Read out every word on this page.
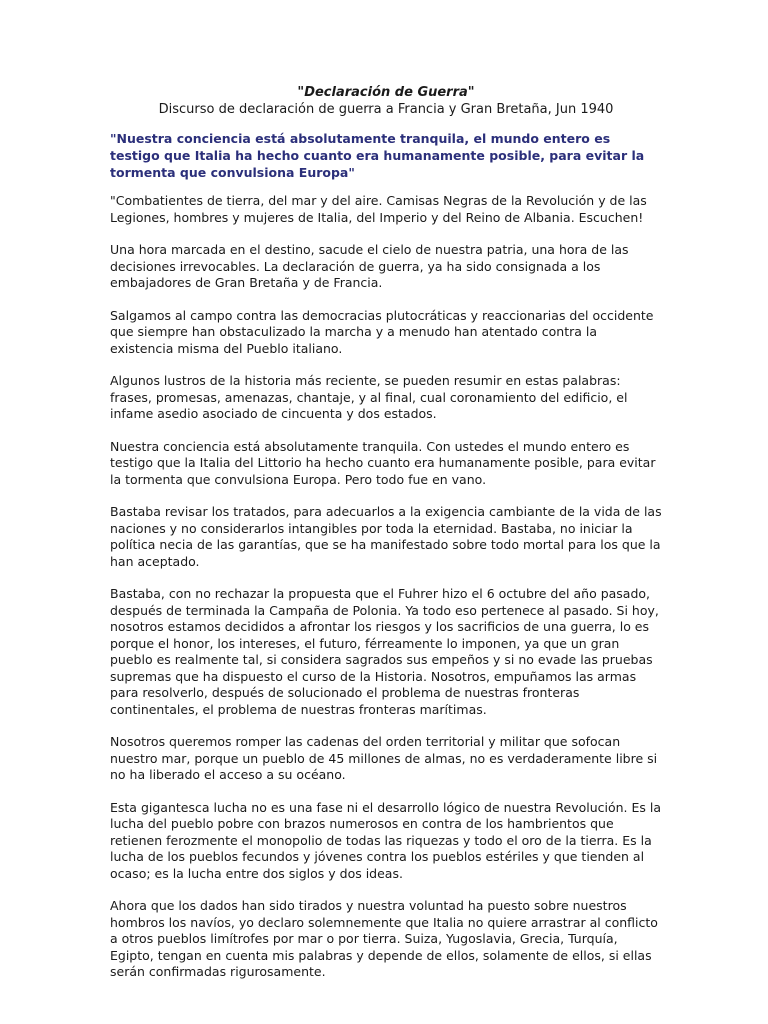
"Declaración de Guerra"

Discurso de declaración de guerra a Francia y Gran Bretaña, Jun 1940

"Nuestra conciencia está absolutamente tranquila, el mundo entero es testigo que Italia ha hecho cuanto era humanamente posible, para evitar la tormenta que convulsiona Europa"

"Combatientes de tierra, del mar y del aire. Camisas Negras de la Revolución y de las Legiones, hombres y mujeres de Italia, del Imperio y del Reino de Albania. Escuchen!

Una hora marcada en el destino, sacude el cielo de nuestra patria, una hora de las decisiones irrevocables. La declaración de guerra, ya ha sido consignada a los embajadores de Gran Bretaña y de Francia.

Salgamos al campo contra las democracias plutocráticas y reaccionarias del occidente que siempre han obstaculizado la marcha y a menudo han atentado contra la existencia misma del Pueblo italiano.

Algunos lustros de la historia más reciente, se pueden resumir en estas palabras: frases, promesas, amenazas, chantaje, y al final, cual coronamiento del edificio, el infame asedio asociado de cincuenta y dos estados.

Nuestra conciencia está absolutamente tranquila. Con ustedes el mundo entero es testigo que la Italia del Littorio ha hecho cuanto era humanamente posible, para evitar la tormenta que convulsiona Europa. Pero todo fue en vano.

Bastaba revisar los tratados, para adecuarlos a la exigencia cambiante de la vida de las naciones y no considerarlos intangibles por toda la eternidad. Bastaba, no iniciar la política necia de las garantías, que se ha manifestado sobre todo mortal para los que la han aceptado.

Bastaba, con no rechazar la propuesta que el Fuhrer hizo el 6 octubre del año pasado, después de terminada la Campaña de Polonia. Ya todo eso pertenece al pasado. Si hoy, nosotros estamos decididos a afrontar los riesgos y los sacrificios de una guerra, lo es porque el honor, los intereses, el futuro, férreamente lo imponen, ya que un gran pueblo es realmente tal, si considera sagrados sus empeños y si no evade las pruebas supremas que ha dispuesto el curso de la Historia. Nosotros, empuñamos las armas para resolverlo, después de solucionado el problema de nuestras fronteras continentales, el problema de nuestras fronteras marítimas.

Nosotros queremos romper las cadenas del orden territorial y militar que sofocan nuestro mar, porque un pueblo de 45 millones de almas, no es verdaderamente libre si no ha liberado el acceso a su océano.

Esta gigantesca lucha no es una fase ni el desarrollo lógico de nuestra Revolución. Es la lucha del pueblo pobre con brazos numerosos en contra de los hambrientos que retienen ferozmente el monopolio de todas las riquezas y todo el oro de la tierra. Es la lucha de los pueblos fecundos y jóvenes contra los pueblos estériles y que tienden al ocaso; es la lucha entre dos siglos y dos ideas.

Ahora que los dados han sido tirados y nuestra voluntad ha puesto sobre nuestros hombros los navíos, yo declaro solemnemente que Italia no quiere arrastrar al conflicto a otros pueblos limítrofes por mar o por tierra. Suiza, Yugoslavia, Grecia, Turquía, Egipto, tengan en cuenta mis palabras y depende de ellos, solamente de ellos, si ellas serán confirmadas rigurosamente.
